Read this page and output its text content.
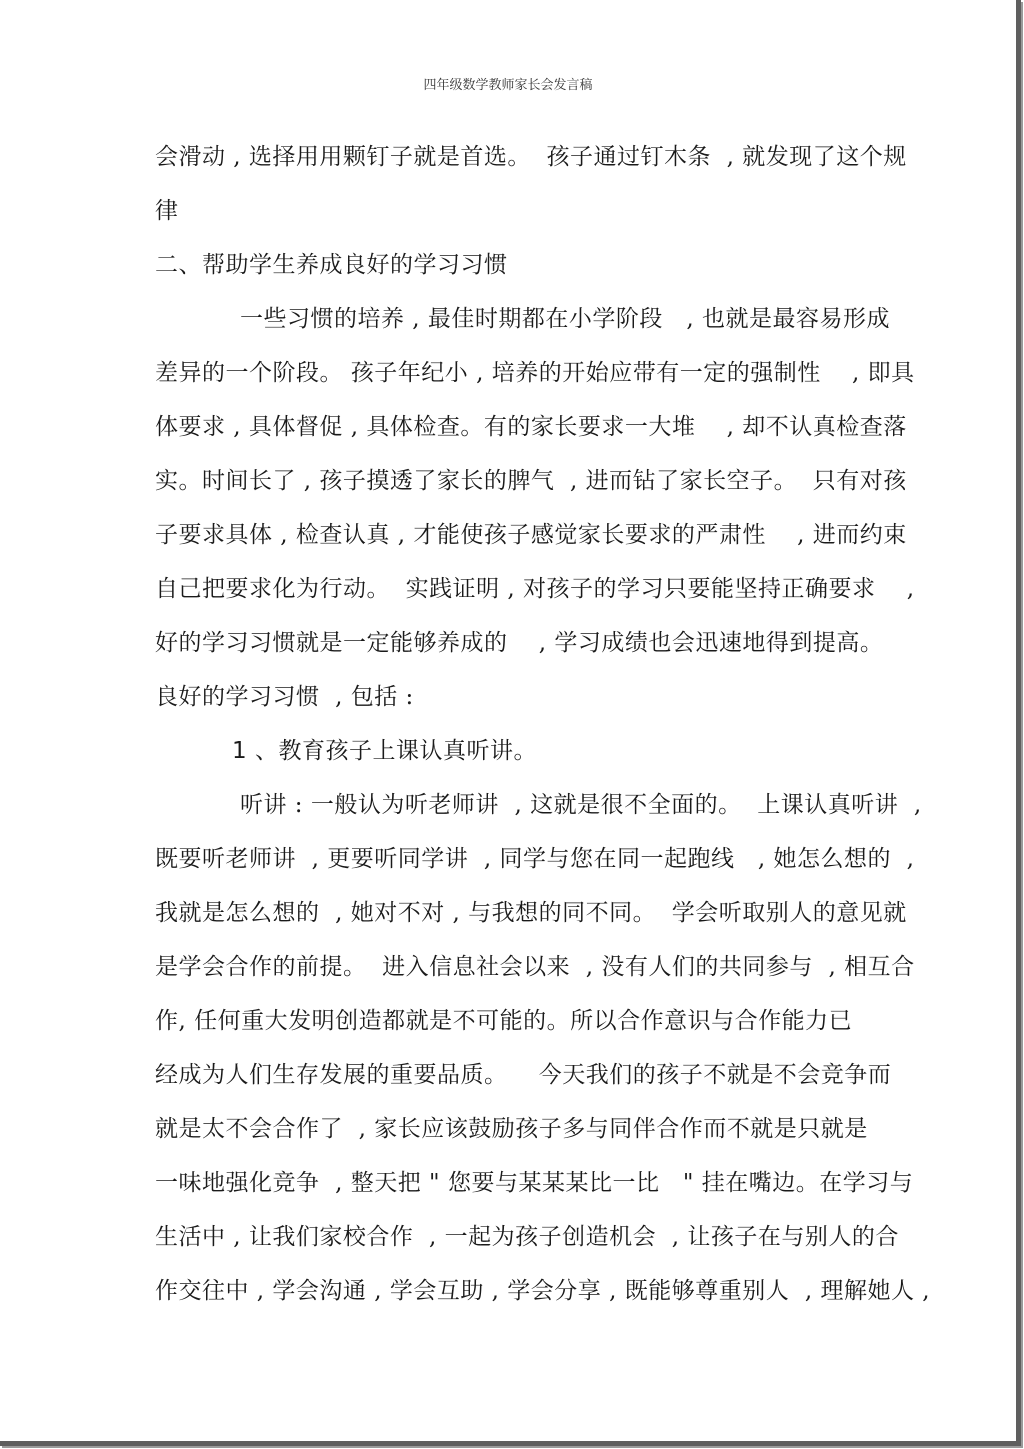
四年级数学教师家长会发言稿
会滑动 , 选择用用颗钉子就是首选。  孩子通过钉木条  , 就发现了这个规
律
二、帮助学生养成良好的学习习惯
一些习惯的培养 , 最佳时期都在小学阶段   , 也就是最容易形成
差异的一个阶段。 孩子年纪小 , 培养的开始应带有一定的强制性    , 即具
体要求 , 具体督促 , 具体检查。有的家长要求一大堆    , 却不认真检查落
实。时间长了 , 孩子摸透了家长的脾气  , 进而钻了家长空子。  只有对孩
子要求具体 , 检查认真 , 才能使孩子感觉家长要求的严肃性    , 进而约束
自己把要求化为行动。  实践证明 , 对孩子的学习只要能坚持正确要求    ,
好的学习习惯就是一定能够养成的    , 学习成绩也会迅速地得到提高。
良好的学习习惯  , 包括 :
1 、教育孩子上课认真听讲。
听讲 : 一般认为听老师讲  , 这就是很不全面的。  上课认真听讲  ,
既要听老师讲  , 更要听同学讲  , 同学与您在同一起跑线   , 她怎么想的  ,
我就是怎么想的  , 她对不对 , 与我想的同不同。  学会听取别人的意见就
是学会合作的前提。  进入信息社会以来  , 没有人们的共同参与  , 相互合
作, 任何重大发明创造都就是不可能的。所以合作意识与合作能力已
经成为人们生存发展的重要品质。    今天我们的孩子不就是不会竞争而
就是太不会合作了  , 家长应该鼓励孩子多与同伴合作而不就是只就是
一味地强化竞争  , 整天把 " 您要与某某某比一比   " 挂在嘴边。在学习与
生活中 , 让我们家校合作  , 一起为孩子创造机会  , 让孩子在与别人的合
作交往中 , 学会沟通 , 学会互助 , 学会分享 , 既能够尊重别人  , 理解她人 ,
